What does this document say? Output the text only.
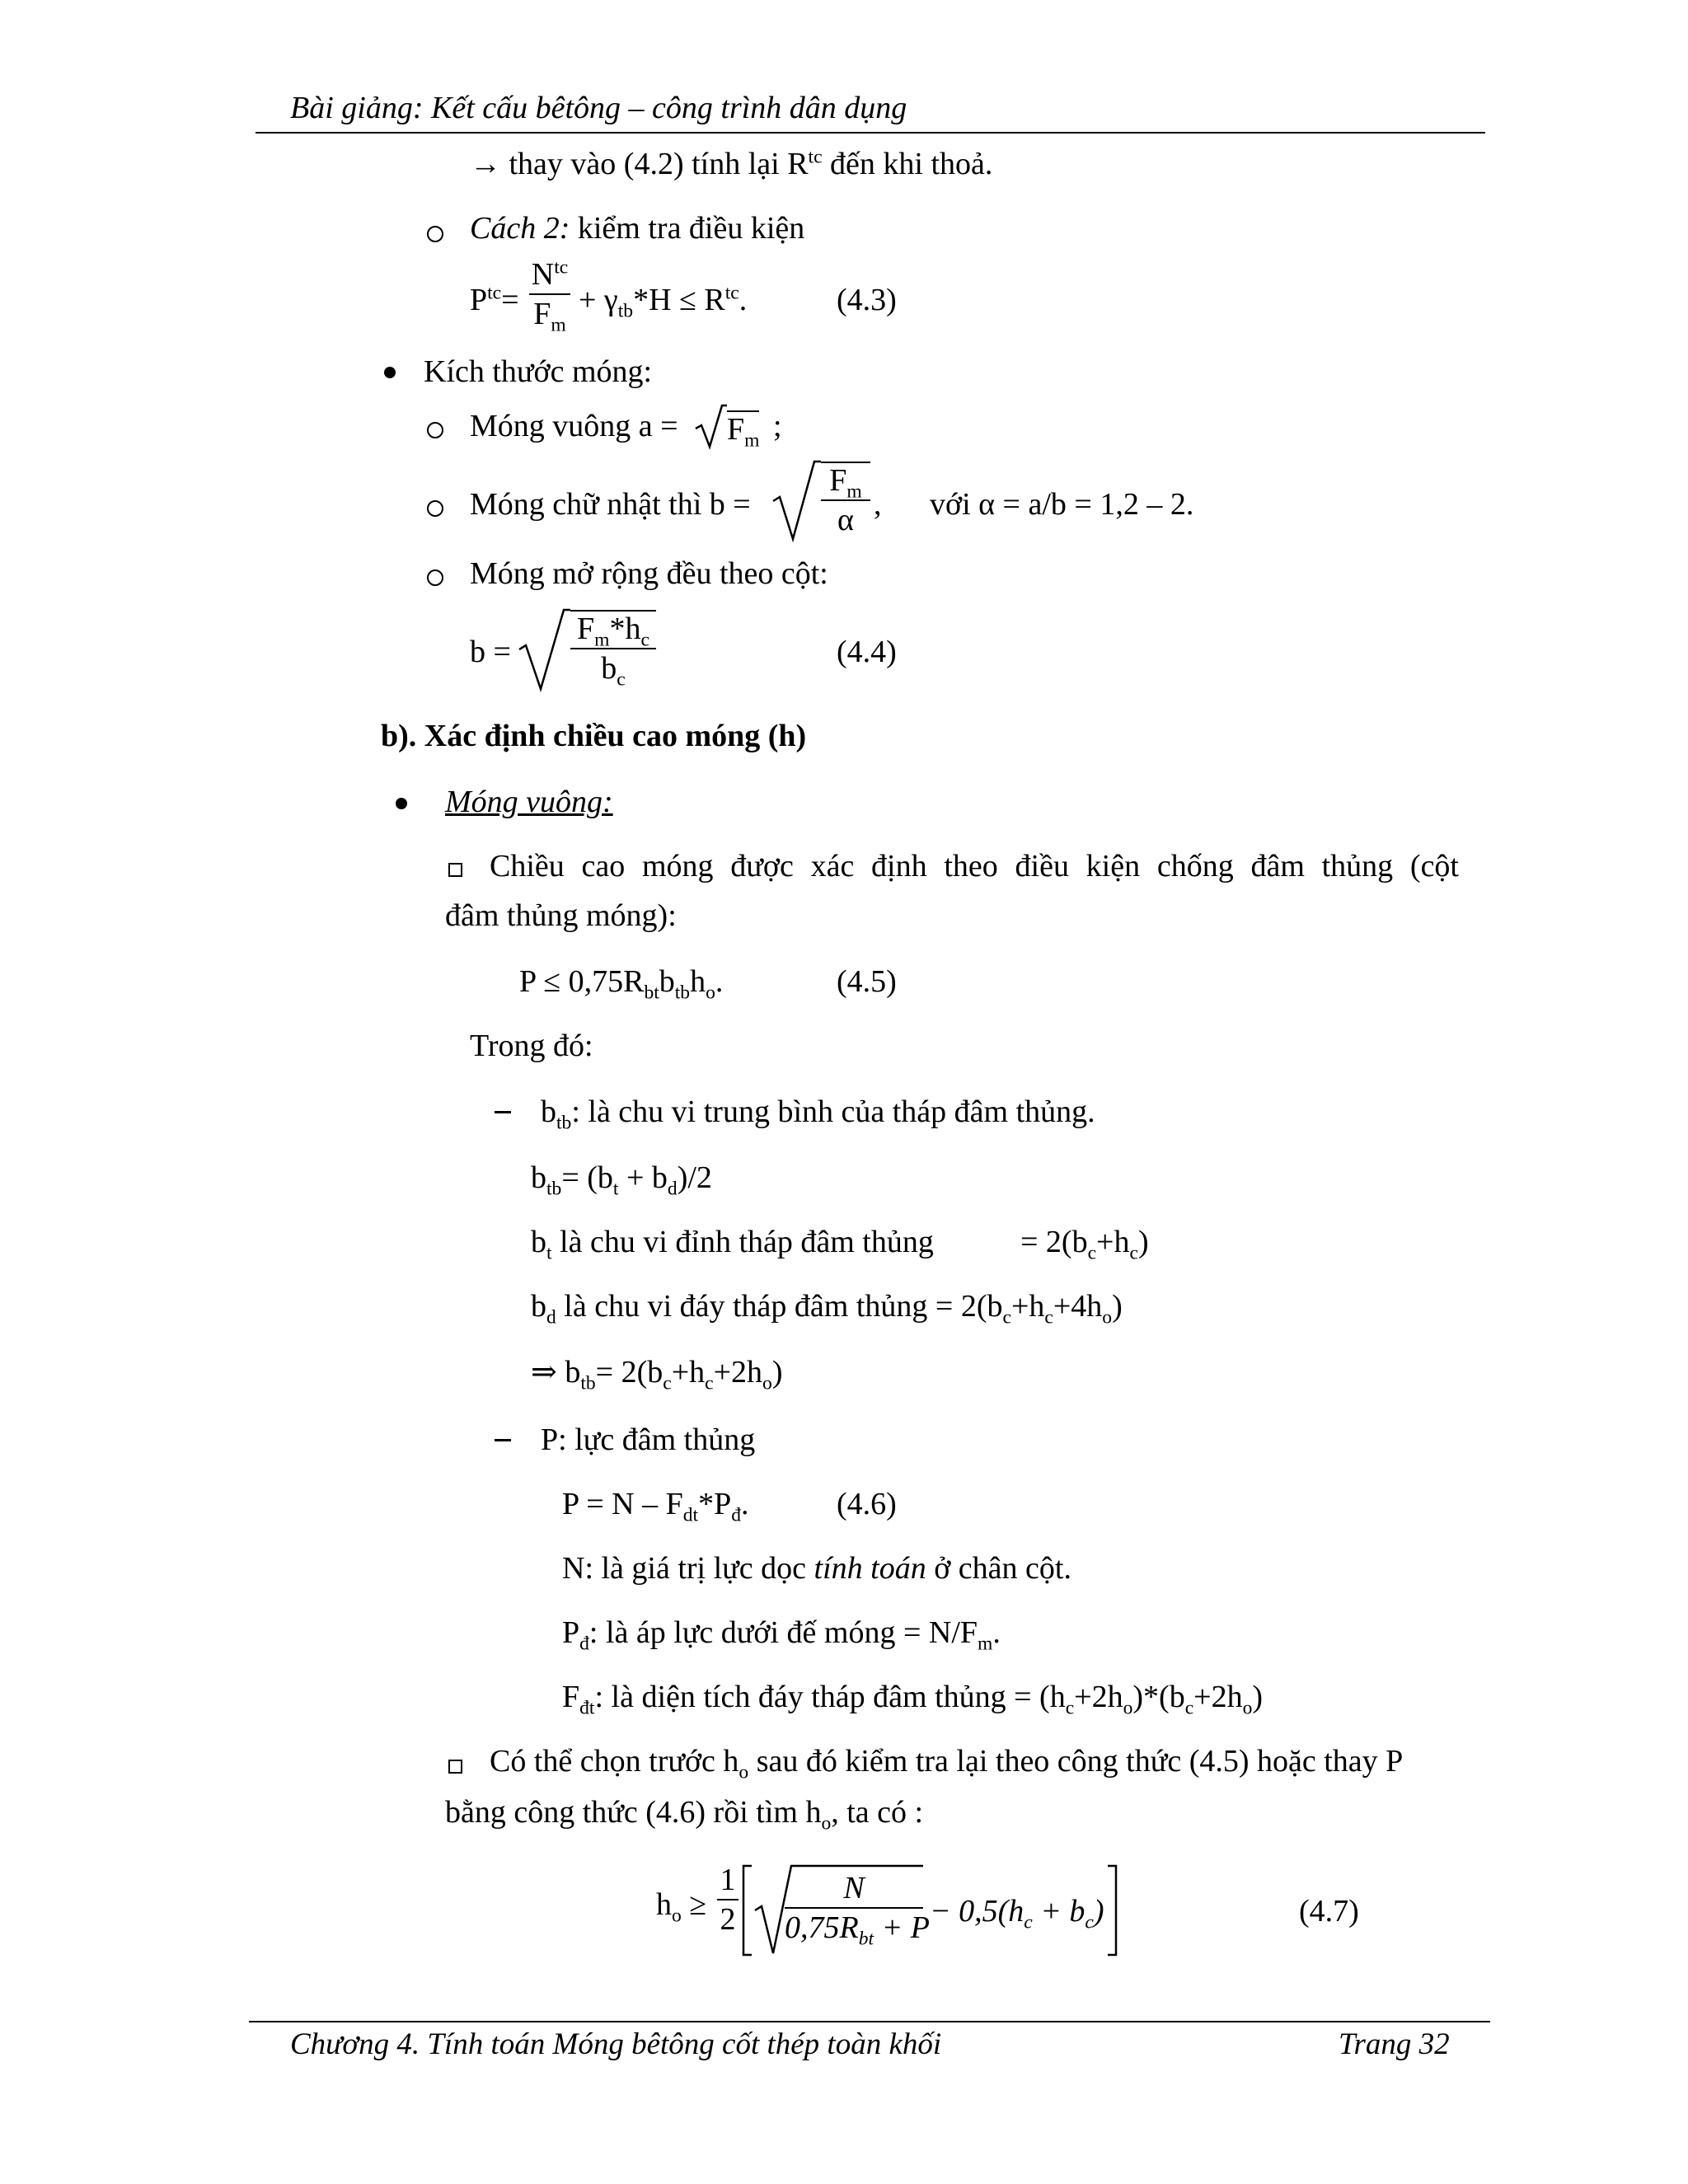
Bài giảng: Kết cấu bêtông – công trình dân dụng
→ thay vào (4.2) tính lại $R^{tc}$ đến khi thoả.
Cách 2: kiểm tra điều kiện
$P^{tc}=$
$N^{tc}$
$F_m$
+ $\gamma_{tb}*H \le R^{tc}$.	(4.3)
Kích thước móng:
Móng vuông $a = F_m$ ;
Móng chữ nhật thì b =
$F_m$
α , với α = a/b = 1,2 – 2.
Móng mở rộng đều theo cột:
b =
$F_m*h_c$
$b_c$
(4.4)
b). Xác định chiều cao móng (h)
Móng vuông:
Chiều cao móng được xác định theo điều kiện chống đâm thủng (cột
đâm thủng móng):
$P \le 0,75R_{bt}b_{tb}h_o$.	(4.5)
Trong đó:
$b_{tb}$: là chu vi trung bình của tháp đâm thủng.
$b_{tb}= (b_t + b_d)/2$
$b_t$ là chu vi đỉnh tháp đâm thủng	= $2(b_c+h_c)$
$b_d$ là chu vi đáy tháp đâm thủng = $2(b_c+h_c+4h_o)$
⇒ $b_{tb}= 2(b_c+h_c+2h_o)$
P: lực đâm thủng
$P = N - F_{dt}*P_đ$.	(4.6)
N: là giá trị lực dọc tính toán ở chân cột.
$P_đ$: là áp lực dưới đế móng = $N/F_m$.
$F_{đt}$: là diện tích đáy tháp đâm thủng = $(h_c+2h_o)*(b_c+2h_o)$
Có thể chọn trước $h_o$ sau đó kiểm tra lại theo công thức (4.5) hoặc thay P
bằng công thức (4.6) rồi tìm $h_o$, ta có :
$h_o$ ≥
1
2
N
$0,75R_{bt} + P - 0,5(h_c + b_c)$	(4.7)
Chương 4. Tính toán Móng bêtông cốt thép toàn khối	Trang 32
